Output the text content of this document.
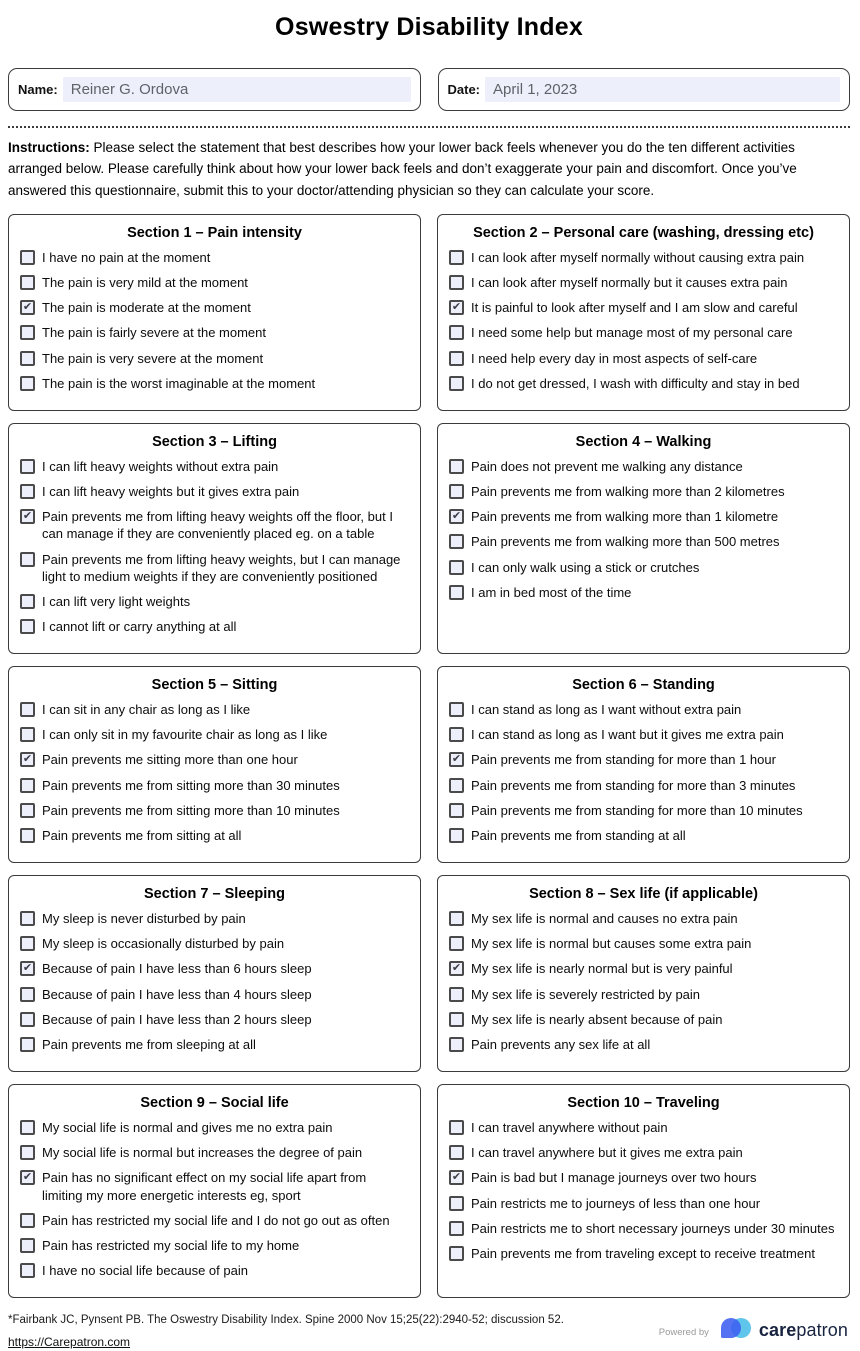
Oswestry Disability Index
Name: Reiner G. Ordova	Date: April 1, 2023

Instructions: Please select the statement that best describes how your lower back feels whenever you do the ten different activities arranged below. Please carefully think about how your lower back feels and don’t exaggerate your pain and discomfort. Once you’ve answered this questionnaire, submit this to your doctor/attending physician so they can calculate your score.

Section 1 – Pain intensity
I have no pain at the moment
The pain is very mild at the moment
✔ The pain is moderate at the moment
The pain is fairly severe at the moment
The pain is very severe at the moment
The pain is the worst imaginable at the moment
Section 2 – Personal care (washing, dressing etc)
I can look after myself normally without causing extra pain
I can look after myself normally but it causes extra pain
✔ It is painful to look after myself and I am slow and careful
I need some help but manage most of my personal care
I need help every day in most aspects of self-care
I do not get dressed, I wash with difficulty and stay in bed
Section 3 – Lifting
I can lift heavy weights without extra pain
I can lift heavy weights but it gives extra pain
✔ Pain prevents me from lifting heavy weights off the floor, but I can manage if they are conveniently placed eg. on a table
Pain prevents me from lifting heavy weights, but I can manage light to medium weights if they are conveniently positioned
I can lift very light weights
I cannot lift or carry anything at all
Section 4 – Walking
Pain does not prevent me walking any distance
Pain prevents me from walking more than 2 kilometres
✔ Pain prevents me from walking more than 1 kilometre
Pain prevents me from walking more than 500 metres
I can only walk using a stick or crutches
I am in bed most of the time
Section 5 – Sitting
I can sit in any chair as long as I like
I can only sit in my favourite chair as long as I like
✔ Pain prevents me sitting more than one hour
Pain prevents me from sitting more than 30 minutes
Pain prevents me from sitting more than 10 minutes
Pain prevents me from sitting at all
Section 6 – Standing
I can stand as long as I want without extra pain
I can stand as long as I want but it gives me extra pain
✔ Pain prevents me from standing for more than 1 hour
Pain prevents me from standing for more than 3 minutes
Pain prevents me from standing for more than 10 minutes
Pain prevents me from standing at all
Section 7 – Sleeping
My sleep is never disturbed by pain
My sleep is occasionally disturbed by pain
✔ Because of pain I have less than 6 hours sleep
Because of pain I have less than 4 hours sleep
Because of pain I have less than 2 hours sleep
Pain prevents me from sleeping at all
Section 8 – Sex life (if applicable)
My sex life is normal and causes no extra pain
My sex life is normal but causes some extra pain
✔ My sex life is nearly normal but is very painful
My sex life is severely restricted by pain
My sex life is nearly absent because of pain
Pain prevents any sex life at all
Section 9 – Social life
My social life is normal and gives me no extra pain
My social life is normal but increases the degree of pain
✔ Pain has no significant effect on my social life apart from limiting my more energetic interests eg, sport
Pain has restricted my social life and I do not go out as often
Pain has restricted my social life to my home
I have no social life because of pain
Section 10 – Traveling
I can travel anywhere without pain
I can travel anywhere but it gives me extra pain
✔ Pain is bad but I manage journeys over two hours
Pain restricts me to journeys of less than one hour
Pain restricts me to short necessary journeys under 30 minutes
Pain prevents me from traveling except to receive treatment
*Fairbank JC, Pynsent PB. The Oswestry Disability Index. Spine 2000 Nov 15;25(22):2940-52; discussion 52.
https://Carepatron.com
Powered by	carepatron
